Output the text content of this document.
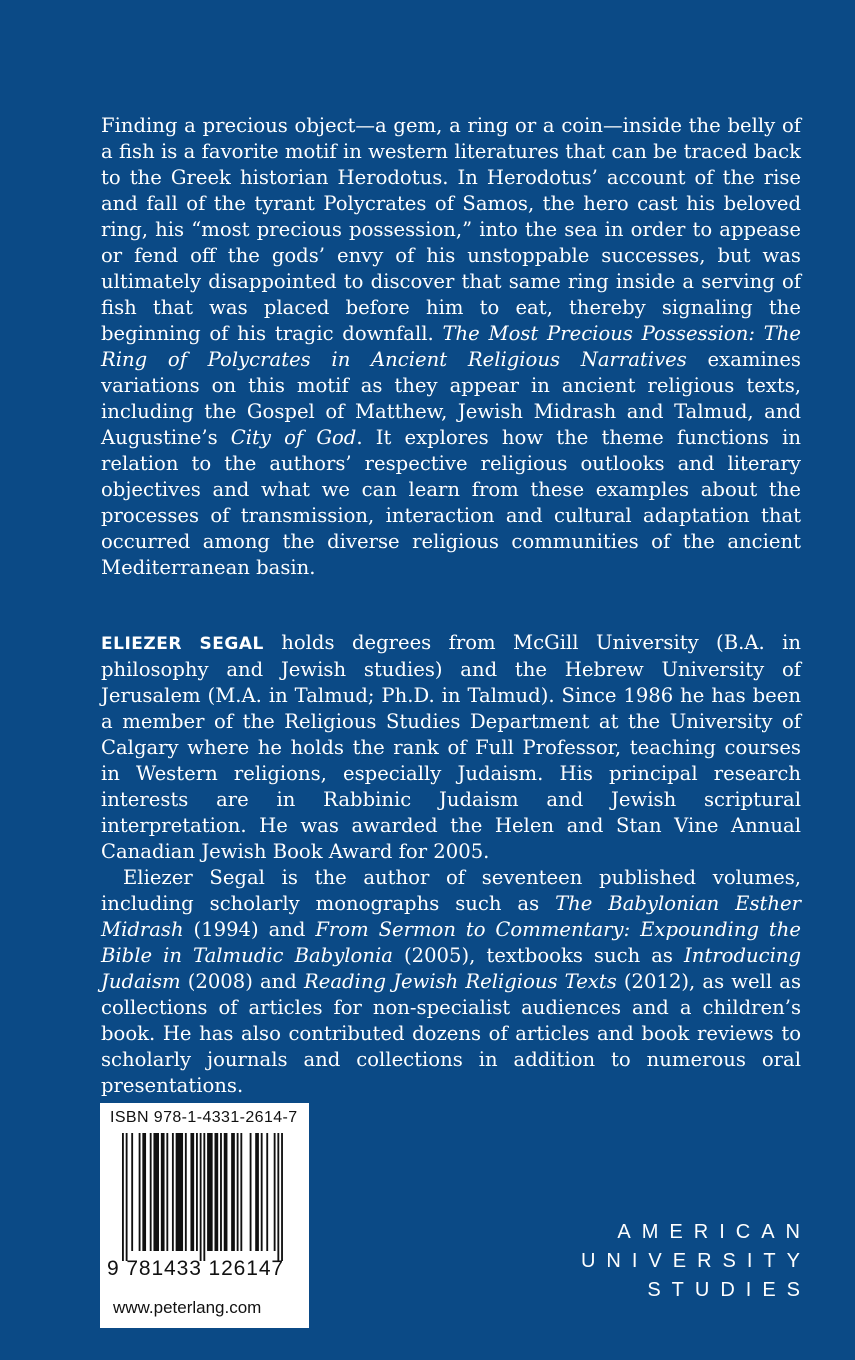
Finding a precious object—a gem, a ring or a coin—inside the belly of a fish is a favorite motif in western literatures that can be traced back to the Greek historian Herodotus. In Herodotus’ account of the rise and fall of the tyrant Polycrates of Samos, the hero cast his beloved ring, his “most precious possession,” into the sea in order to appease or fend off the gods’ envy of his unstoppable successes, but was ultimately disappointed to discover that same ring inside a serving of fish that was placed before him to eat, thereby signaling the beginning of his tragic downfall. The Most Precious Possession: The Ring of Polycrates in Ancient Religious Narratives examines variations on this motif as they appear in ancient religious texts, including the Gospel of Matthew, Jewish Midrash and Talmud, and Augustine’s City of God. It explores how the theme functions in relation to the authors’ respective religious outlooks and literary objectives and what we can learn from these examples about the processes of transmission, interaction and cultural adaptation that occurred among the diverse religious communities of the ancient Mediterranean basin.

ELIEZER SEGAL holds degrees from McGill University (B.A. in philosophy and Jewish studies) and the Hebrew University of Jerusalem (M.A. in Talmud; Ph.D. in Talmud). Since 1986 he has been a member of the Religious Studies Department at the University of Calgary where he holds the rank of Full Professor, teaching courses in Western religions, especially Judaism. His principal research interests are in Rabbinic Judaism and Jewish scriptural interpretation. He was awarded the Helen and Stan Vine Annual Canadian Jewish Book Award for 2005.

Eliezer Segal is the author of seventeen published volumes, including scholarly monographs such as The Babylonian Esther Midrash (1994) and From Sermon to Commentary: Expounding the Bible in Talmudic Babylonia (2005), textbooks such as Introducing Judaism (2008) and Reading Jewish Religious Texts (2012), as well as collections of articles for non-specialist audiences and a children’s book. He has also contributed dozens of articles and book reviews to scholarly journals and collections in addition to numerous oral presentations.

ISBN 978-1-4331-2614-7
9 781433 126147
www.peterlang.com
AMERICAN
UNIVERSITY
STUDIES
